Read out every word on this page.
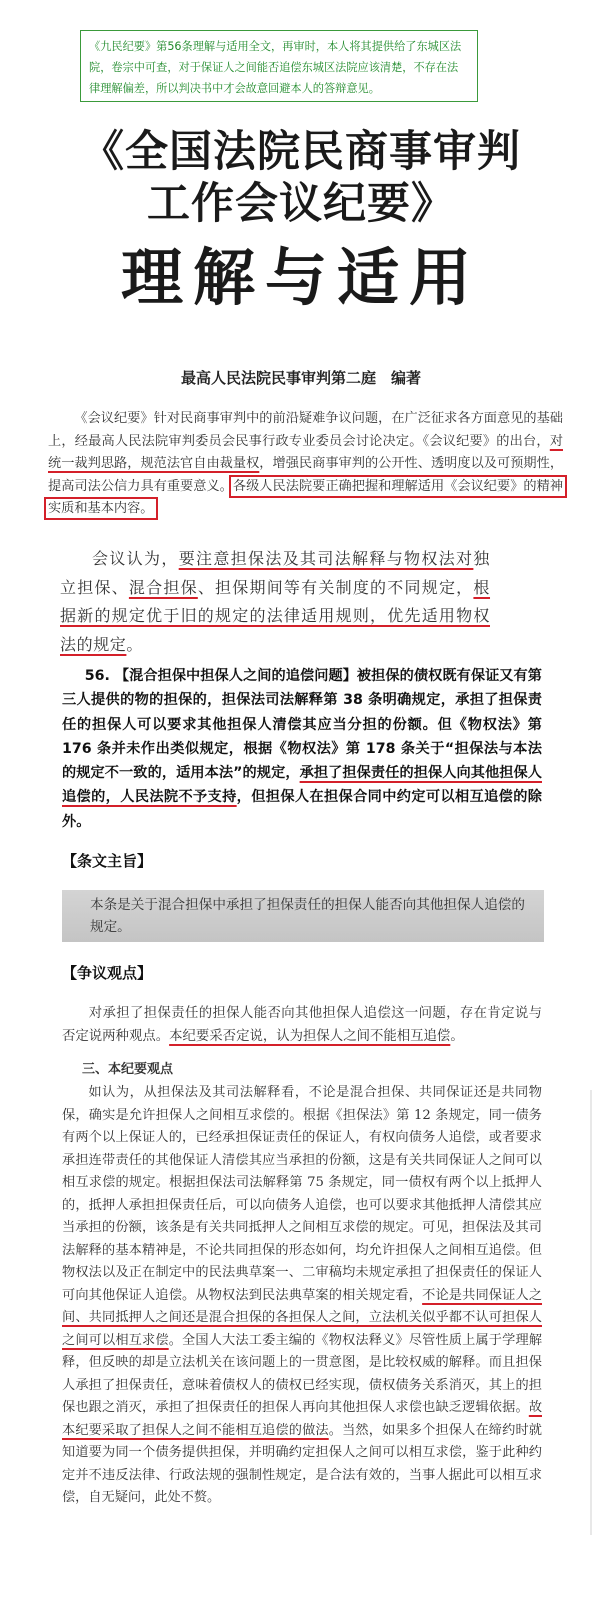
《九民纪要》第56条理解与适用全文，再审时，本人将其提供给了东城区法院，卷宗中可查，对于保证人之间能否追偿东城区法院应该清楚，不存在法律理解偏差，所以判决书中才会故意回避本人的答辩意见。
《全国法院民商事审判
工作会议纪要》
理解与适用
最高人民法院民事审判第二庭　编著
《会议纪要》针对民商事审判中的前沿疑难争议问题，在广泛征求各方面意见的基础上，经最高人民法院审判委员会民事行政专业委员会讨论决定。《会议纪要》的出台，对统一裁判思路，规范法官自由裁量权，增强民商事审判的公开性、透明度以及可预期性，提高司法公信力具有重要意义。各级人民法院要正确把握和理解适用《会议纪要》的精神实质和基本内容。
会议认为，要注意担保法及其司法解释与物权法对独立担保、混合担保、担保期间等有关制度的不同规定，根据新的规定优于旧的规定的法律适用规则，优先适用物权法的规定。
56. 【混合担保中担保人之间的追偿问题】被担保的债权既有保证又有第三人提供的物的担保的，担保法司法解释第 38 条明确规定，承担了担保责任的担保人可以要求其他担保人清偿其应当分担的份额。但《物权法》第 176 条并未作出类似规定，根据《物权法》第 178 条关于“担保法与本法的规定不一致的，适用本法”的规定，承担了担保责任的担保人向其他担保人追偿的，人民法院不予支持，但担保人在担保合同中约定可以相互追偿的除外。
【条文主旨】
本条是关于混合担保中承担了担保责任的担保人能否向其他担保人追偿的规定。
【争议观点】
对承担了担保责任的担保人能否向其他担保人追偿这一问题，存在肯定说与否定说两种观点。本纪要采否定说，认为担保人之间不能相互追偿。
三、本纪要观点
如认为，从担保法及其司法解释看，不论是混合担保、共同保证还是共同物保，确实是允许担保人之间相互求偿的。根据《担保法》第 12 条规定，同一债务有两个以上保证人的，已经承担保证责任的保证人，有权向债务人追偿，或者要求承担连带责任的其他保证人清偿其应当承担的份额，这是有关共同保证人之间可以相互求偿的规定。根据担保法司法解释第 75 条规定，同一债权有两个以上抵押人的，抵押人承担担保责任后，可以向债务人追偿，也可以要求其他抵押人清偿其应当承担的份额，该条是有关共同抵押人之间相互求偿的规定。可见，担保法及其司法解释的基本精神是，不论共同担保的形态如何，均允许担保人之间相互追偿。但物权法以及正在制定中的民法典草案一、二审稿均未规定承担了担保责任的保证人可向其他保证人追偿。从物权法到民法典草案的相关规定看，不论是共同保证人之间、共同抵押人之间还是混合担保的各担保人之间，立法机关似乎都不认可担保人之间可以相互求偿。全国人大法工委主编的《物权法释义》尽管性质上属于学理解释，但反映的却是立法机关在该问题上的一贯意图，是比较权威的解释。而且担保人承担了担保责任，意味着债权人的债权已经实现，债权债务关系消灭，其上的担保也跟之消灭，承担了担保责任的担保人再向其他担保人求偿也缺乏逻辑依据。故本纪要采取了担保人之间不能相互追偿的做法。当然，如果多个担保人在缔约时就知道要为同一个债务提供担保，并明确约定担保人之间可以相互求偿，鉴于此种约定并不违反法律、行政法规的强制性规定，是合法有效的，当事人据此可以相互求偿，自无疑问，此处不赘。
